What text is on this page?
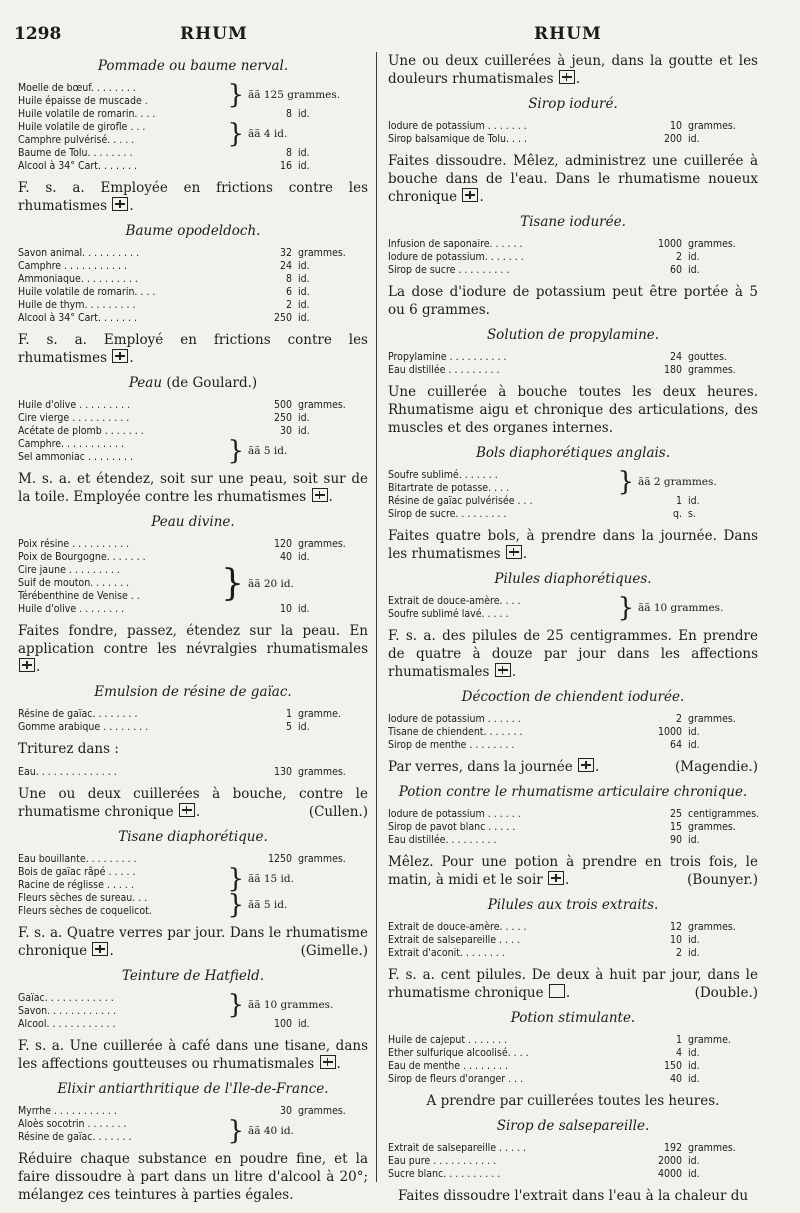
1298	RHUM	RHUM
Pommade ou baume nerval.
Moelle de bœuf. . . . . . . .
Huile épaisse de muscade .	} ãã 125 grammes.
Huile volatile de romarin. . . .	8 id.
Huile volatile de girofle . . .
Camphre pulvérisé. . . . .	} ãã 4 id.
Baume de Tolu. . . . . . . .	8 id.
Alcool à 34° Cart. . . . . . .	16 id.
F. s. a. Employée en frictions contre les rhumatismes .
Baume opodeldoch.
Savon animal. . . . . . . . . .	32 grammes.
Camphre . . . . . . . . . . .	24 id.
Ammoniaque. . . . . . . . . .	8 id.
Huile volatile de romarin. . . .	6 id.
Huile de thym. . . . . . . . .	2 id.
Alcool à 34° Cart. . . . . . .	250 id.
F. s. a. Employé en frictions contre les rhumatismes .
Peau (de Goulard.)
Huile d'olive . . . . . . . . .	500 grammes.
Cire vierge . . . . . . . . . .	250 id.
Acétate de plomb . . . . . . .	30 id.
Camphre. . . . . . . . . . .
Sel ammoniac . . . . . . . .	} ãã 5 id.
M. s. a. et étendez, soit sur une peau, soit sur de la toile. Employée contre les rhumatismes .
Peau divine.
Poix résine . . . . . . . . . .	120 grammes.
Poix de Bourgogne. . . . . . .	40 id.
Cire jaune . . . . . . . . .
Suif de mouton. . . . . . .
Térébenthine de Venise . . } ãã 20 id.
Huile d'olive . . . . . . . .	10 id.
Faites fondre, passez, étendez sur la peau. En application contre les névralgies rhumatismales .
Emulsion de résine de gaïac.
Résine de gaïac. . . . . . . .	1 gramme.
Gomme arabique . . . . . . . .	5 id.
Triturez dans :
Eau. . . . . . . . . . . . . .	130 grammes.
Une ou deux cuillerées à bouche, contre le rhumatisme chronique .	(Cullen.)
Tisane diaphorétique.
Eau bouillante. . . . . . . . .	1250 grammes.
Bois de gaïac râpé . . . . .
Racine de réglisse . . . . .	} ãã 15 id.
Fleurs sèches de sureau. . .
Fleurs sèches de coquelicot.	} ãã 5 id.
F. s. a. Quatre verres par jour. Dans le rhumatisme chronique .	(Gimelle.)
Teinture de Hatfield.
Gaïac. . . . . . . . . . . .
Savon. . . . . . . . . . . .	} ãã 10 grammes.
Alcool. . . . . . . . . . . .	100 id.
F. s. a. Une cuillerée à café dans une tisane, dans les affections goutteuses ou rhumatismales .
Elixir antiarthritique de l'Ile-de-France.
Myrrhe . . . . . . . . . . .	30 grammes.
Aloès socotrin . . . . . . .
Résine de gaïac. . . . . . .	} ãã 40 id.
Réduire chaque substance en poudre fine, et la faire dissoudre à part dans un litre d'alcool à 20°; mélangez ces teintures à parties égales.
Une ou deux cuillerées à jeun, dans la goutte et les douleurs rhumatismales .
Sirop ioduré.
Iodure de potassium . . . . . . .	10 grammes.
Sirop balsamique de Tolu. . . .	200 id.
Faites dissoudre. Mêlez, administrez une cuillerée à bouche dans de l'eau. Dans le rhumatisme noueux chronique .
Tisane iodurée.
Infusion de saponaire. . . . . .	1000 grammes.
Iodure de potassium. . . . . . .	2 id.
Sirop de sucre . . . . . . . . .	60 id.
La dose d'iodure de potassium peut être portée à 5 ou 6 grammes.
Solution de propylamine.
Propylamine . . . . . . . . . .	24 gouttes.
Eau distillée . . . . . . . . .	180 grammes.
Une cuillerée à bouche toutes les deux heures. Rhumatisme aigu et chronique des articulations, des muscles et des organes internes.
Bols diaphorétiques anglais.
Soufre sublimé. . . . . . .
Bitartrate de potasse. . . .	} ãã 2 grammes.
Résine de gaïac pulvérisée . . .	1 id.
Sirop de sucre. . . . . . . . .	q. s.
Faites quatre bols, à prendre dans la journée. Dans les rhumatismes .
Pilules diaphorétiques.
Extrait de douce-amère. . . .
Soufre sublimé lavé. . . . .	} ãã 10 grammes.
F. s. a. des pilules de 25 centigrammes. En prendre de quatre à douze par jour dans les affections rhumatismales .
Décoction de chiendent iodurée.
Iodure de potassium . . . . . .	2 grammes.
Tisane de chiendent. . . . . . .	1000 id.
Sirop de menthe . . . . . . . .	64 id.
Par verres, dans la journée .	(Magendie.)
Potion contre le rhumatisme articulaire chronique.
Iodure de potassium . . . . . .	25 centigrammes.
Sirop de pavot blanc . . . . .	15 grammes.
Eau distillée. . . . . . . . .	90 id.
Mêlez. Pour une potion à prendre en trois fois, le matin, à midi et le soir .	(Bounyer.)
Pilules aux trois extraits.
Extrait de douce-amère. . . . .	12 grammes.
Extrait de salsepareille . . . .	10 id.
Extrait d'aconit. . . . . . . .	2 id.
F. s. a. cent pilules. De deux à huit par jour, dans le rhumatisme chronique .	(Double.)
Potion stimulante.
Huile de cajeput . . . . . . .	1 gramme.
Ether sulfurique alcoolisé. . . .	4 id.
Eau de menthe . . . . . . . .	150 id.
Sirop de fleurs d'oranger . . .	40 id.
A prendre par cuillerées toutes les heures.
Sirop de salsepareille.
Extrait de salsepareille . . . . .	192 grammes.
Eau pure . . . . . . . . . . .	2000 id.
Sucre blanc. . . . . . . . . .	4000 id.
Faites dissoudre l'extrait dans l'eau à la chaleur du
